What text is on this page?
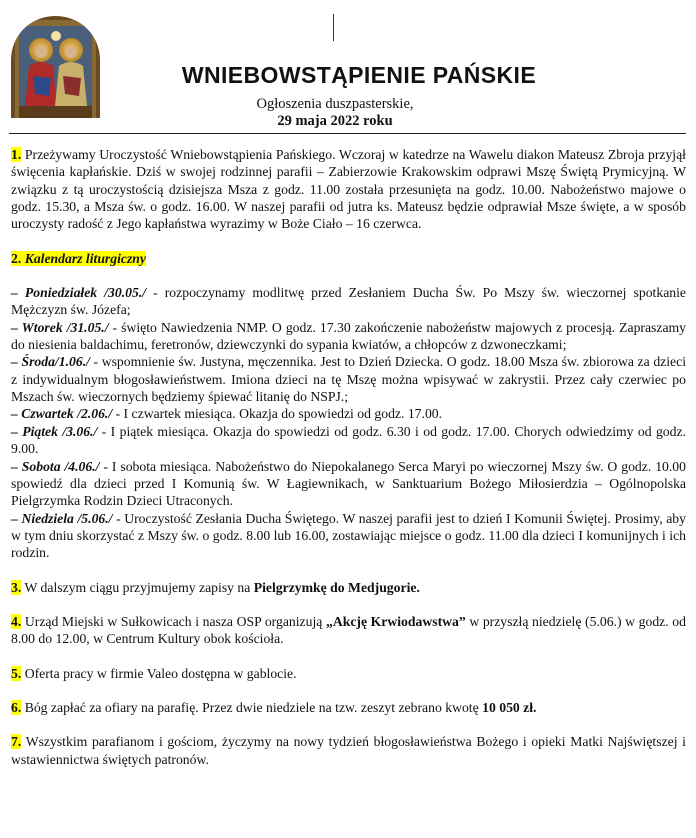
WNIEBOWSTĄPIENIE PAŃSKIE
Ogłoszenia duszpasterskie,
29 maja 2022 roku

1. Przeżywamy Uroczystość Wniebowstąpienia Pańskiego. Wczoraj w katedrze na Wawelu diakon Mateusz Zbroja przyjął święcenia kapłańskie. Dziś w swojej rodzinnej parafii – Zabierzowie Krakowskim odprawi Mszę Świętą Prymicyjną. W związku z tą uroczystością dzisiejsza Msza z godz. 11.00 została przesunięta na godz. 10.00. Nabożeństwo majowe o godz. 15.30, a Msza św. o godz. 16.00. W naszej parafii od jutra ks. Mateusz będzie odprawiał Msze święte, a w sposób uroczysty radość z Jego kapłaństwa wyrazimy w Boże Ciało – 16 czerwca.

2. Kalendarz liturgiczny

– Poniedziałek /30.05./ - rozpoczynamy modlitwę przed Zesłaniem Ducha Św. Po Mszy św. wieczornej spotkanie Mężczyzn św. Józefa;

– Wtorek /31.05./ - święto Nawiedzenia NMP. O godz. 17.30 zakończenie nabożeństw majowych z procesją. Zapraszamy do niesienia baldachimu, feretronów, dziewczynki do sypania kwiatów, a chłopców z dzwoneczkami;

– Środa/1.06./ - wspomnienie św. Justyna, męczennika. Jest to Dzień Dziecka. O godz. 18.00 Msza św. zbiorowa za dzieci z indywidualnym błogosławieństwem. Imiona dzieci na tę Mszę można wpisywać w zakrystii. Przez cały czerwiec po Mszach św. wieczornych będziemy śpiewać litanię do NSPJ.;

– Czwartek /2.06./ - I czwartek miesiąca. Okazja do spowiedzi od godz. 17.00.

– Piątek /3.06./ - I piątek miesiąca. Okazja do spowiedzi od godz. 6.30 i od godz. 17.00. Chorych odwiedzimy od godz. 9.00.

– Sobota /4.06./ - I sobota miesiąca. Nabożeństwo do Niepokalanego Serca Maryi po wieczornej Mszy św. O godz. 10.00 spowiedź dla dzieci przed I Komunią św. W Łagiewnikach, w Sanktuarium Bożego Miłosierdzia – Ogólnopolska Pielgrzymka Rodzin Dzieci Utraconych.

– Niedziela /5.06./ - Uroczystość Zesłania Ducha Świętego. W naszej parafii jest to dzień I Komunii Świętej. Prosimy, aby w tym dniu skorzystać z Mszy św. o godz. 8.00 lub 16.00, zostawiając miejsce o godz. 11.00 dla dzieci I komunijnych i ich rodzin.

3. W dalszym ciągu przyjmujemy zapisy na Pielgrzymkę do Medjugorie.

4. Urząd Miejski w Sułkowicach i nasza OSP organizują „Akcję Krwiodawstwa” w przyszłą niedzielę (5.06.) w godz. od 8.00 do 12.00, w Centrum Kultury obok kościoła.

5. Oferta pracy w firmie Valeo dostępna w gablocie.

6. Bóg zapłać za ofiary na parafię. Przez dwie niedziele na tzw. zeszyt zebrano kwotę 10 050 zł.

7. Wszystkim parafianom i gościom, życzymy na nowy tydzień błogosławieństwa Bożego i opieki Matki Najświętszej i wstawiennictwa świętych patronów.
